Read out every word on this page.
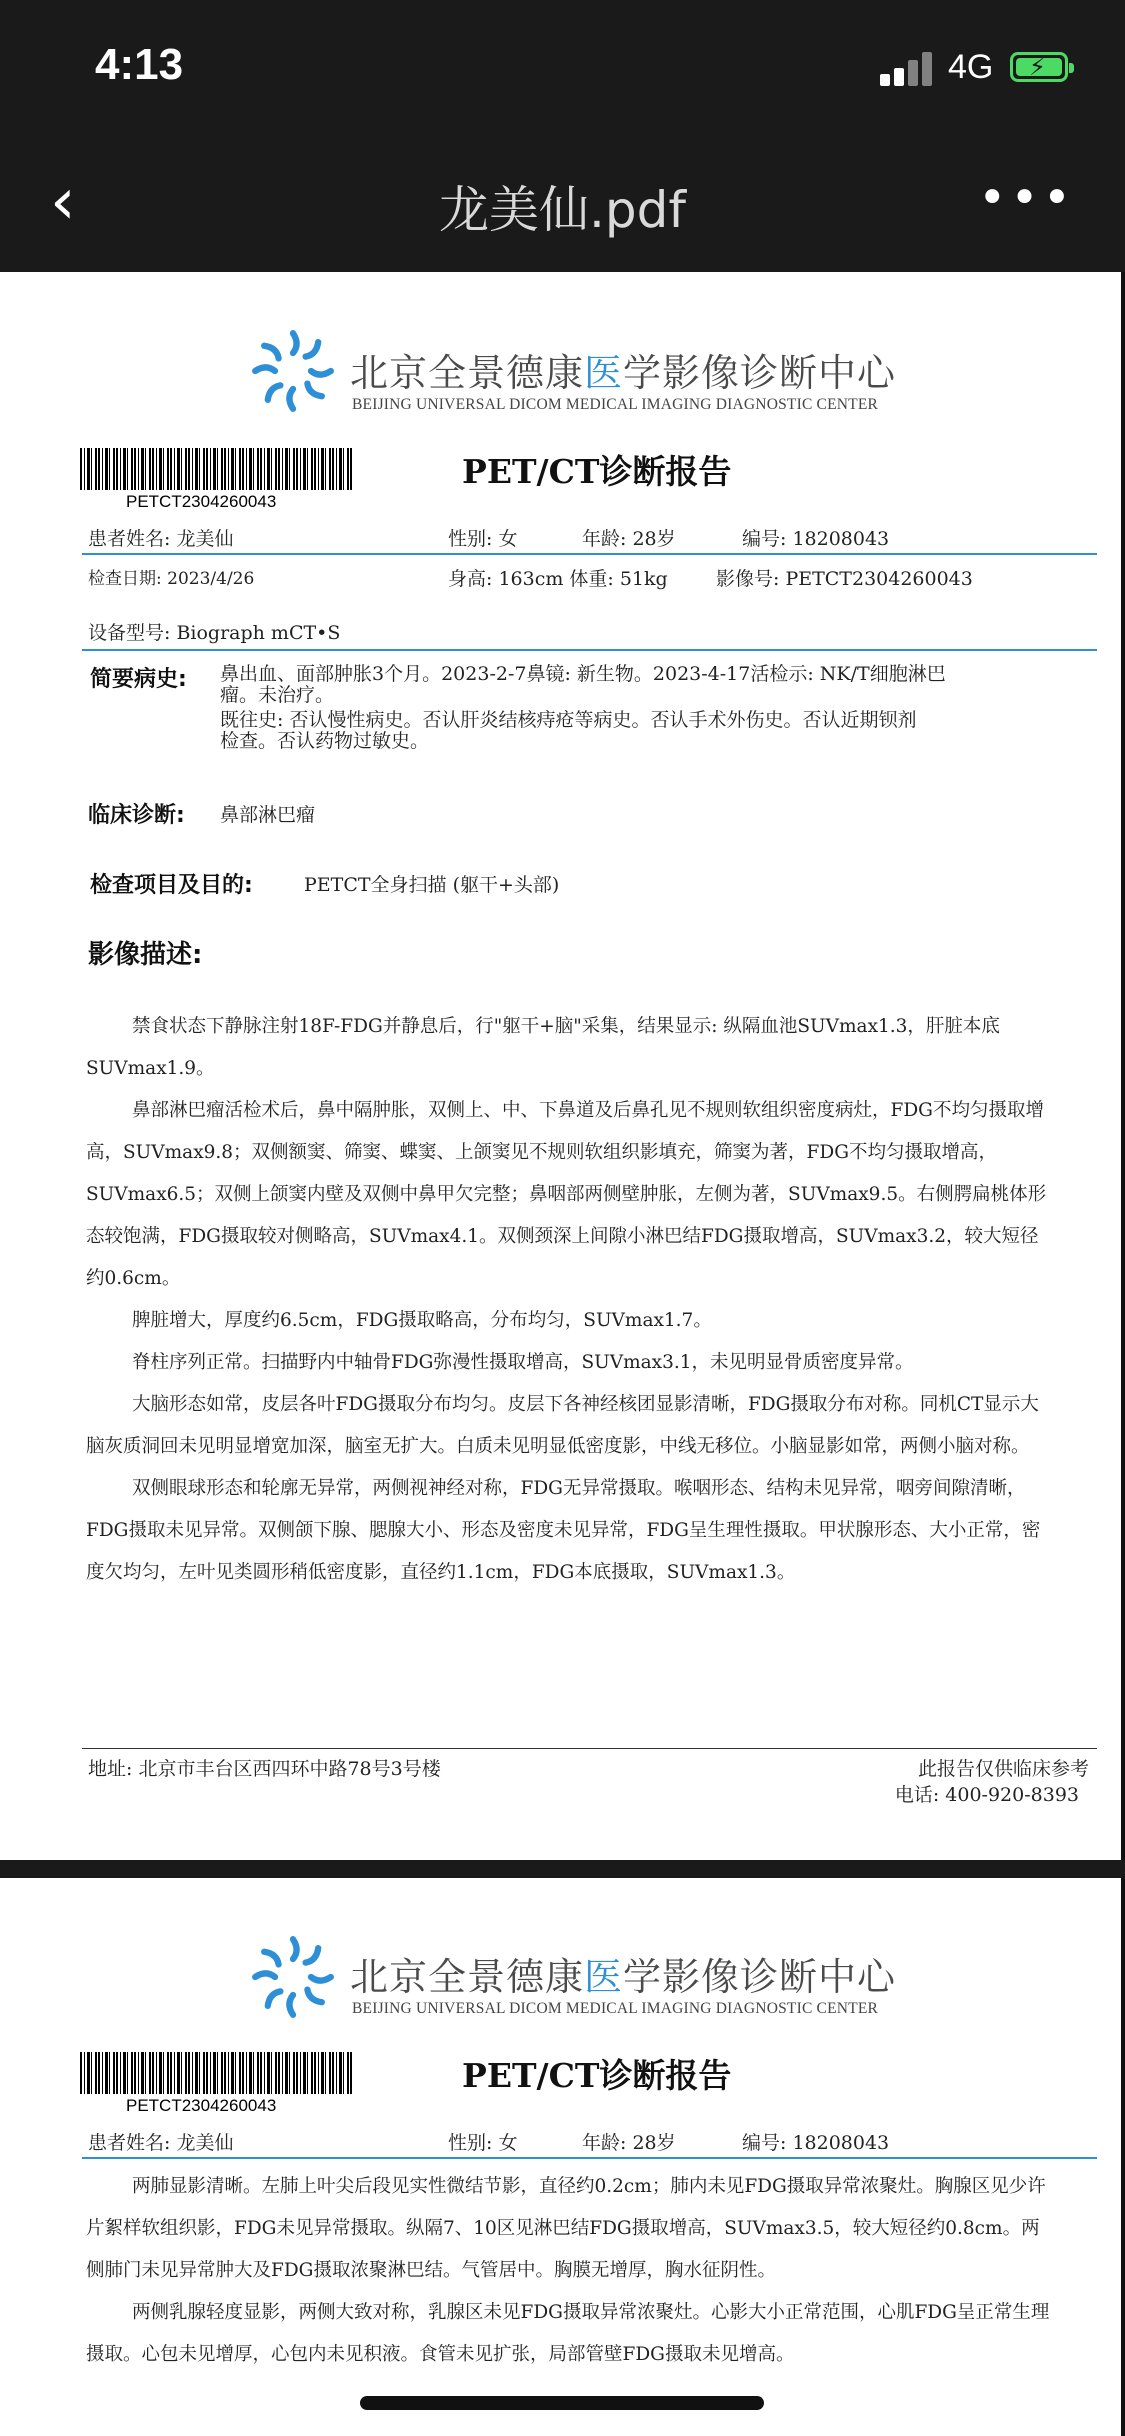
4:13	4G ⚡
‹	龙美仙.pdf	•••
北京全景德康医学影像诊断中心
BEIJING UNIVERSAL DICOM MEDICAL IMAGING DIAGNOSTIC CENTER
PETCT2304260043
PET/CT诊断报告
患者姓名: 龙美仙	性别: 女	年龄: 28岁	编号: 18208043
检查日期: 2023/4/26	身高: 163cm 体重: 51kg	影像号: PETCT2304260043
设备型号: Biograph mCT•S
简要病史: 鼻出血、面部肿胀3个月。2023-2-7鼻镜: 新生物。2023-4-17活检示: NK/T细胞淋巴
瘤。未治疗。
既往史: 否认慢性病史。否认肝炎结核痔疮等病史。否认手术外伤史。否认近期钡剂
检查。否认药物过敏史。
临床诊断: 鼻部淋巴瘤
检查项目及目的:	PETCT全身扫描 (躯干+头部)
影像描述:

禁食状态下静脉注射18F-FDG并静息后，行"躯干+脑"采集，结果显示: 纵隔血池SUVmax1.3，肝脏本底SUVmax1.9。

鼻部淋巴瘤活检术后，鼻中隔肿胀，双侧上、中、下鼻道及后鼻孔见不规则软组织密度病灶，FDG不均匀摄取增高，SUVmax9.8；双侧额窦、筛窦、蝶窦、上颌窦见不规则软组织影填充，筛窦为著，FDG不均匀摄取增高，SUVmax6.5；双侧上颌窦内壁及双侧中鼻甲欠完整；鼻咽部两侧壁肿胀，左侧为著，SUVmax9.5。右侧腭扁桃体形态较饱满，FDG摄取较对侧略高，SUVmax4.1。双侧颈深上间隙小淋巴结FDG摄取增高，SUVmax3.2，较大短径约0.6cm。

脾脏增大，厚度约6.5cm，FDG摄取略高，分布均匀，SUVmax1.7。

脊柱序列正常。扫描野内中轴骨FDG弥漫性摄取增高，SUVmax3.1，未见明显骨质密度异常。

大脑形态如常，皮层各叶FDG摄取分布均匀。皮层下各神经核团显影清晰，FDG摄取分布对称。同机CT显示大脑灰质洞回未见明显增宽加深，脑室无扩大。白质未见明显低密度影，中线无移位。小脑显影如常，两侧小脑对称。

双侧眼球形态和轮廓无异常，两侧视神经对称，FDG无异常摄取。喉咽形态、结构未见异常，咽旁间隙清晰，FDG摄取未见异常。双侧颌下腺、腮腺大小、形态及密度未见异常，FDG呈生理性摄取。甲状腺形态、大小正常，密度欠均匀，左叶见类圆形稍低密度影，直径约1.1cm，FDG本底摄取，SUVmax1.3。

地址: 北京市丰台区西四环中路78号3号楼	此报告仅供临床参考
电话: 400-920-8393
北京全景德康医学影像诊断中心
BEIJING UNIVERSAL DICOM MEDICAL IMAGING DIAGNOSTIC CENTER
PETCT2304260043
PET/CT诊断报告
患者姓名: 龙美仙	性别: 女	年龄: 28岁	编号: 18208043

两肺显影清晰。左肺上叶尖后段见实性微结节影，直径约0.2cm；肺内未见FDG摄取异常浓聚灶。胸腺区见少许片絮样软组织影，FDG未见异常摄取。纵隔7、10区见淋巴结FDG摄取增高，SUVmax3.5，较大短径约0.8cm。两侧肺门未见异常肿大及FDG摄取浓聚淋巴结。气管居中。胸膜无增厚，胸水征阴性。

两侧乳腺轻度显影，两侧大致对称，乳腺区未见FDG摄取异常浓聚灶。心影大小正常范围，心肌FDG呈正常生理摄取。心包未见增厚，心包内未见积液。食管未见扩张，局部管壁FDG摄取未见增高。
